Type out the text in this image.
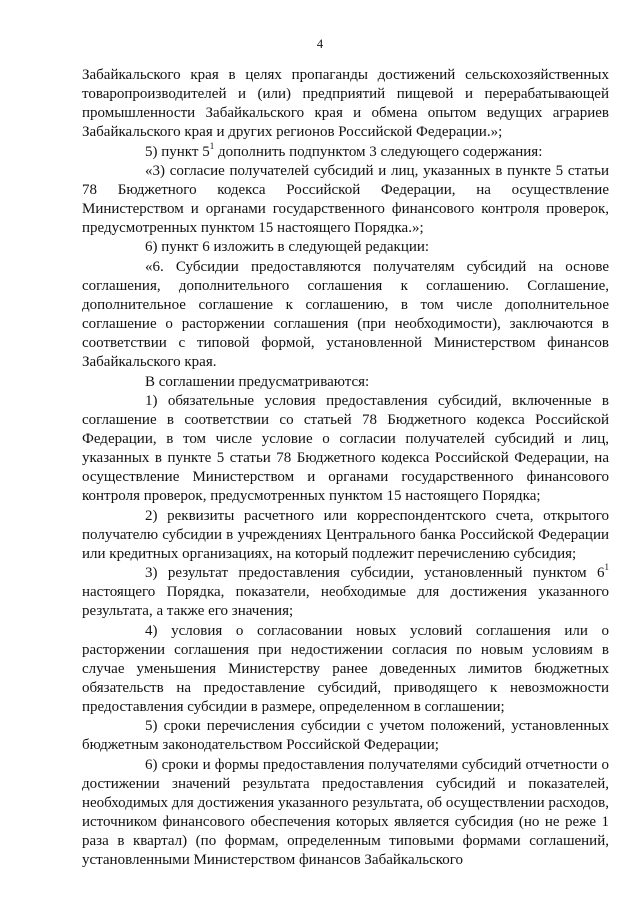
4

Забайкальского края в целях пропаганды достижений сельскохозяйственных товаропроизводителей и (или) предприятий пищевой и перерабатывающей промышленности Забайкальского края и обмена опытом ведущих аграриев Забайкальского края и других регионов Российской Федерации.»;

5) пункт $5^1$ дополнить подпунктом 3 следующего содержания:

«3) согласие получателей субсидий и лиц, указанных в пункте 5 статьи 78 Бюджетного кодекса Российской Федерации, на осуществление Министерством и органами государственного финансового контроля проверок, предусмотренных пунктом 15 настоящего Порядка.»;

6) пункт 6 изложить в следующей редакции:

«6. Субсидии предоставляются получателям субсидий на основе соглашения, дополнительного соглашения к соглашению. Соглашение, дополнительное соглашение к соглашению, в том числе дополнительное соглашение о расторжении соглашения (при необходимости), заключаются в соответствии с типовой формой, установленной Министерством финансов Забайкальского края.

В соглашении предусматриваются:

1) обязательные условия предоставления субсидий, включенные в соглашение в соответствии со статьей 78 Бюджетного кодекса Российской Федерации, в том числе условие о согласии получателей субсидий и лиц, указанных в пункте 5 статьи 78 Бюджетного кодекса Российской Федерации, на осуществление Министерством и органами государственного финансового контроля проверок, предусмотренных пунктом 15 настоящего Порядка;

2) реквизиты расчетного или корреспондентского счета, открытого получателю субсидии в учреждениях Центрального банка Российской Федерации или кредитных организациях, на который подлежит перечислению субсидия;

3) результат предоставления субсидии, установленный пунктом $6^1$ настоящего Порядка, показатели, необходимые для достижения указанного результата, а также его значения;

4) условия о согласовании новых условий соглашения или о расторжении соглашения при недостижении согласия по новым условиям в случае уменьшения Министерству ранее доведенных лимитов бюджетных обязательств на предоставление субсидий, приводящего к невозможности предоставления субсидии в размере, определенном в соглашении;

5) сроки перечисления субсидии с учетом положений, установленных бюджетным законодательством Российской Федерации;

6) сроки и формы предоставления получателями субсидий отчетности о достижении значений результата предоставления субсидий и показателей, необходимых для достижения указанного результата, об осуществлении расходов, источником финансового обеспечения которых является субсидия (но не реже 1 раза в квартал) (по формам, определенным типовыми формами соглашений, установленными Министерством финансов Забайкальского
